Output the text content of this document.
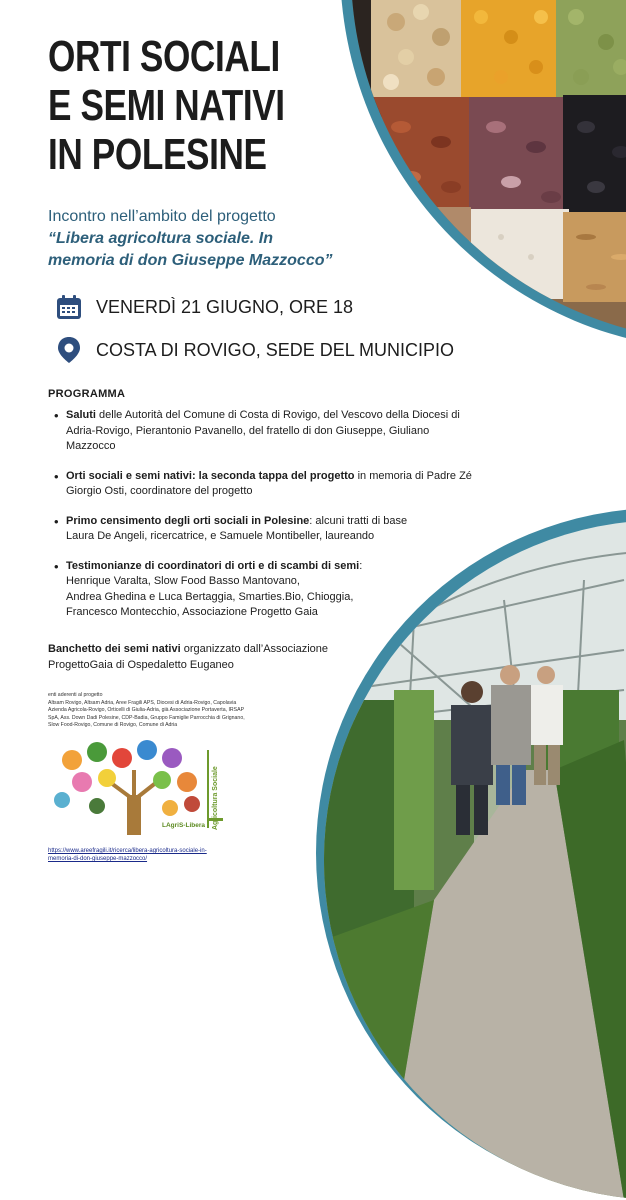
ORTI SOCIALI
E SEMI NATIVI
IN POLESINE
Incontro nell’ambito del progetto
“Libera agricoltura sociale. In
memoria di don Giuseppe Mazzocco”
VENERDÌ 21 GIUGNO, ORE 18
COSTA DI ROVIGO, SEDE DEL MUNICIPIO
PROGRAMMA
• Saluti delle Autorità del Comune di Costa di Rovigo, del Vescovo della Diocesi di
Adria-Rovigo, Pierantonio Pavanello, del fratello di don Giuseppe, Giuliano
Mazzocco
• Orti sociali e semi nativi: la seconda tappa del progetto in memoria di Padre Zé
Giorgio Osti, coordinatore del progetto
• Primo censimento degli orti sociali in Polesine: alcuni tratti di base
Laura De Angeli, ricercatrice, e Samuele Montibeller, laureando
• Testimonianze di coordinatori di orti e di scambi di semi:
Henrique Varalta, Slow Food Basso Mantovano,
Andrea Ghedina e Luca Bertaggia, Smarties.Bio, Chioggia,
Francesco Montecchio, Associazione Progetto Gaia
Banchetto dei semi nativi organizzato dall’Associazione
ProgettoGaia di Ospedaletto Euganeo
enti aderenti al progetto
Altsam Rovigo, Altsam Adria, Aree Fragili APS, Diocesi di Adria-Rovigo, Capolavia
Azienda Agricola-Rovigo, Orticelli di Giulia-Adria, già Associazione Portaverta, IRSAP
SpA, Ass. Down Dadi Polesine, CDP-Badia, Gruppo Famiglie Parrocchia di Grignano,
Slow Food-Rovigo, Comune di Rovigo, Comune di Adria
Agricoltura Sociale
LAgriS-Libera
https://www.areefragili.it/ricerca/libera-agricoltura-sociale-in-
memoria-di-don-giuseppe-mazzocco/
